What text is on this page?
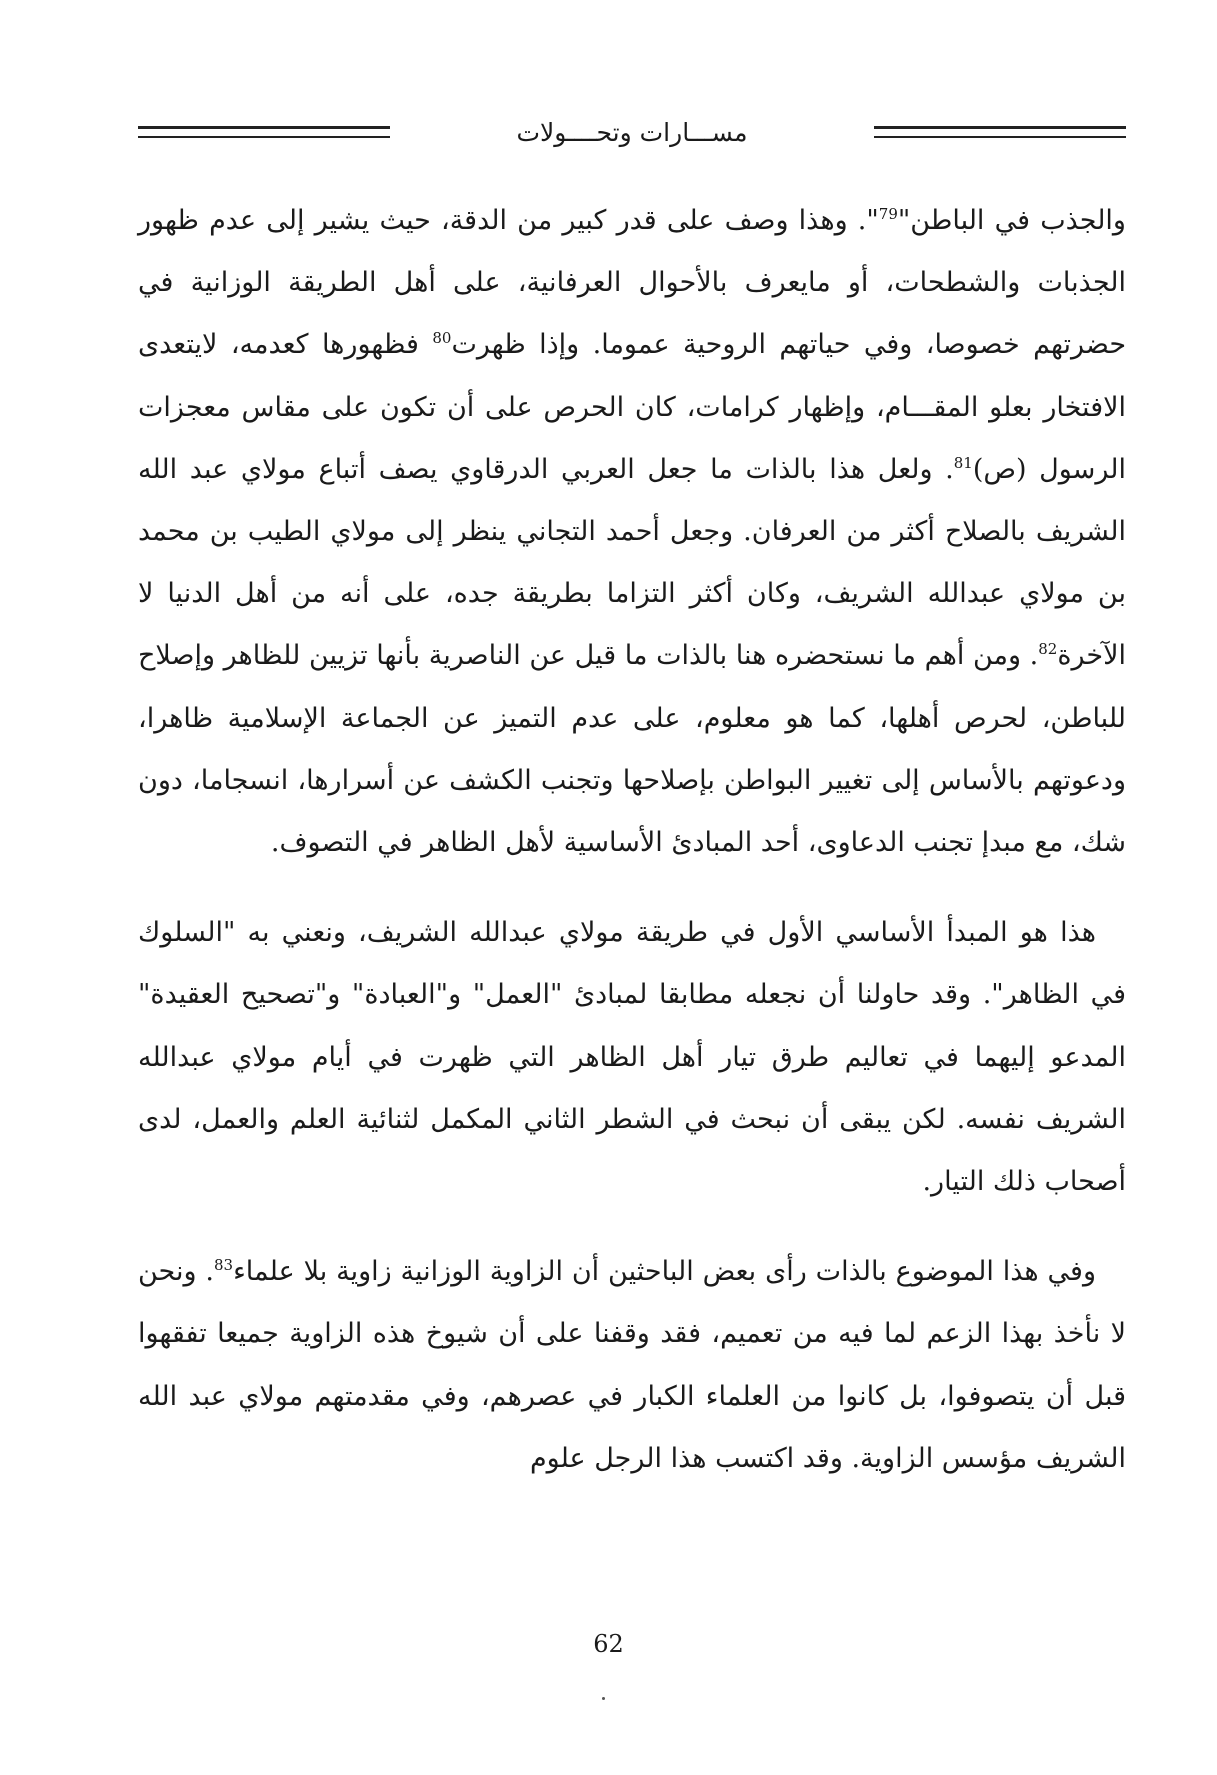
مســـارات وتحــــولات

والجذب في الباطن"$^{79}$". وهذا وصف على قدر كبير من الدقة، حيث يشير إلى عدم ظهور الجذبات والشطحات، أو مايعرف بالأحوال العرفانية، على أهل الطريقة الوزانية في حضرتهم خصوصا، وفي حياتهم الروحية عموما. وإذا ظهرت$^{80}$ فظهورها كعدمه، لايتعدى الافتخار بعلو المقـــام، وإظهار كرامات، كان الحرص على أن تكون على مقاس معجزات الرسول (ص)$^{81}$. ولعل هذا بالذات ما جعل العربي الدرقاوي يصف أتباع مولاي عبد الله الشريف بالصلاح أكثر من العرفان. وجعل أحمد التجاني ينظر إلى مولاي الطيب بن محمد بن مولاي عبدالله الشريف، وكان أكثر التزاما بطريقة جده، على أنه من أهل الدنيا لا الآخرة$^{82}$. ومن أهم ما نستحضره هنا بالذات ما قيل عن الناصرية بأنها تزيين للظاهر وإصلاح للباطن، لحرص أهلها، كما هو معلوم، على عدم التميز عن الجماعة الإسلامية ظاهرا، ودعوتهم بالأساس إلى تغيير البواطن بإصلاحها وتجنب الكشف عن أسرارها، انسجاما، دون شك، مع مبدإ تجنب الدعاوى، أحد المبادئ الأساسية لأهل الظاهر في التصوف.

هذا هو المبدأ الأساسي الأول في طريقة مولاي عبدالله الشريف، ونعني به "السلوك في الظاهر". وقد حاولنا أن نجعله مطابقا لمبادئ "العمل" و"العبادة" و"تصحيح العقيدة" المدعو إليهما في تعاليم طرق تيار أهل الظاهر التي ظهرت في أيام مولاي عبدالله الشريف نفسه. لكن يبقى أن نبحث في الشطر الثاني المكمل لثنائية العلم والعمل، لدى أصحاب ذلك التيار.

وفي هذا الموضوع بالذات رأى بعض الباحثين أن الزاوية الوزانية زاوية بلا علماء$^{83}$. ونحن لا نأخذ بهذا الزعم لما فيه من تعميم، فقد وقفنا على أن شيوخ هذه الزاوية جميعا تفقهوا قبل أن يتصوفوا، بل كانوا من العلماء الكبار في عصرهم، وفي مقدمتهم مولاي عبد الله الشريف مؤسس الزاوية. وقد اكتسب هذا الرجل علوم

62
